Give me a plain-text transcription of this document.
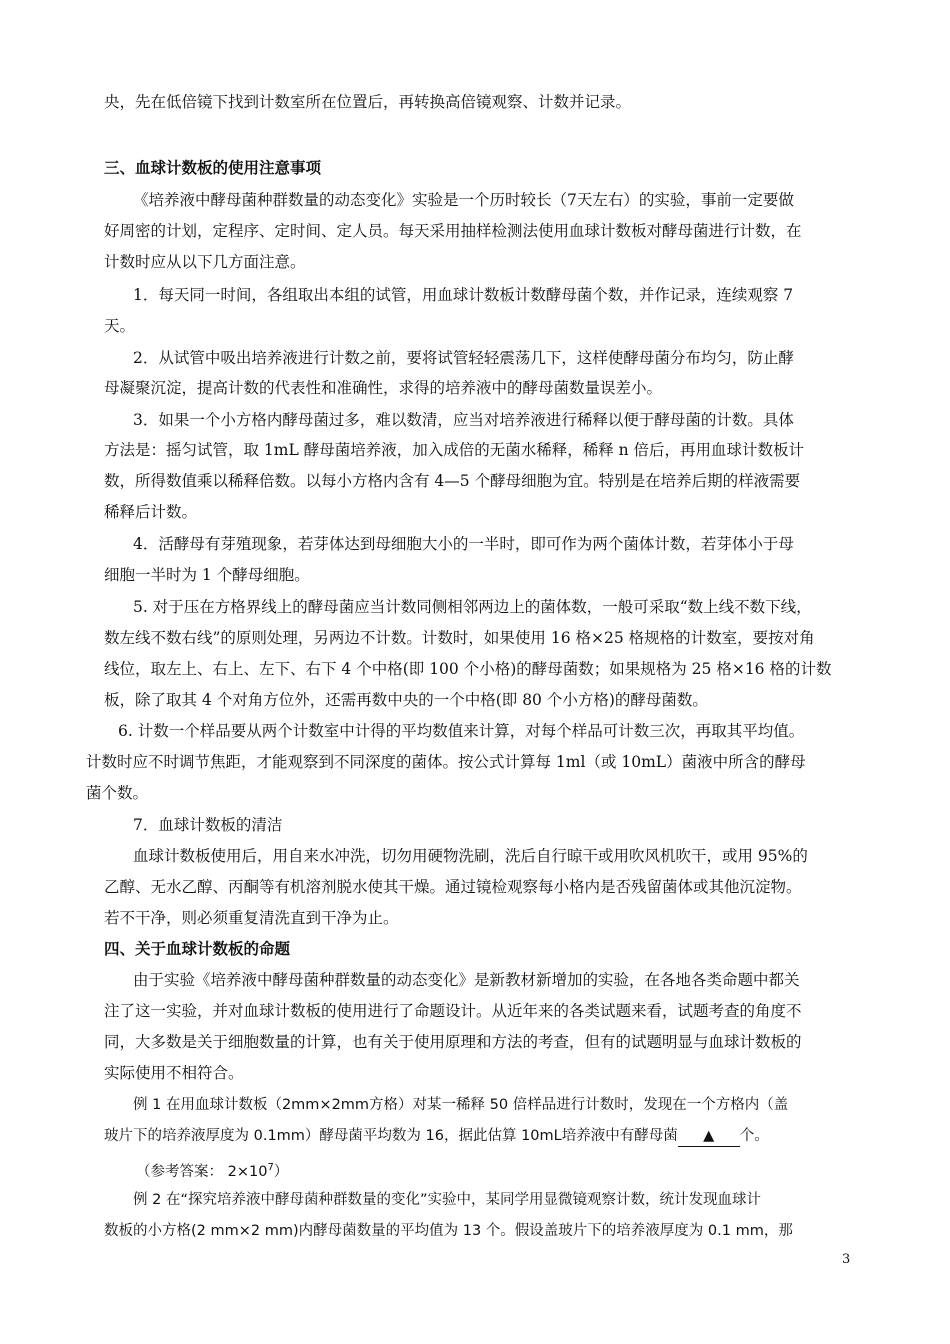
央，先在低倍镜下找到计数室所在位置后，再转换高倍镜观察、计数并记录。
三、血球计数板的使用注意事项
《培养液中酵母菌种群数量的动态变化》实验是一个历时较长（7天左右）的实验，事前一定要做
好周密的计划，定程序、定时间、定人员。每天采用抽样检测法使用血球计数板对酵母菌进行计数，在
计数时应从以下几方面注意。
1．每天同一时间，各组取出本组的试管，用血球计数板计数酵母菌个数，并作记录，连续观察 7
天。
2．从试管中吸出培养液进行计数之前，要将试管轻轻震荡几下，这样使酵母菌分布均匀，防止酵
母凝聚沉淀，提高计数的代表性和准确性，求得的培养液中的酵母菌数量误差小。
3．如果一个小方格内酵母菌过多，难以数清，应当对培养液进行稀释以便于酵母菌的计数。具体
方法是：摇匀试管，取 1mL 酵母菌培养液，加入成倍的无菌水稀释，稀释 n 倍后，再用血球计数板计
数，所得数值乘以稀释倍数。以每小方格内含有 4—5 个酵母细胞为宜。特别是在培养后期的样液需要
稀释后计数。
4．活酵母有芽殖现象，若芽体达到母细胞大小的一半时，即可作为两个菌体计数，若芽体小于母
细胞一半时为 1 个酵母细胞。
5. 对于压在方格界线上的酵母菌应当计数同侧相邻两边上的菌体数，一般可采取“数上线不数下线，
数左线不数右线”的原则处理，另两边不计数。计数时，如果使用 16 格×25 格规格的计数室，要按对角
线位，取左上、右上、左下、右下 4 个中格(即 100 个小格)的酵母菌数；如果规格为 25 格×16 格的计数
板，除了取其 4 个对角方位外，还需再数中央的一个中格(即 80 个小方格)的酵母菌数。
6. 计数一个样品要从两个计数室中计得的平均数值来计算，对每个样品可计数三次，再取其平均值。
计数时应不时调节焦距，才能观察到不同深度的菌体。按公式计算每 1ml（或 10mL）菌液中所含的酵母
菌个数。
7．血球计数板的清洁
血球计数板使用后，用自来水冲洗，切勿用硬物洗刷，洗后自行晾干或用吹风机吹干，或用 95%的
乙醇、无水乙醇、丙酮等有机溶剂脱水使其干燥。通过镜检观察每小格内是否残留菌体或其他沉淀物。
若不干净，则必须重复清洗直到干净为止。
四、关于血球计数板的命题
由于实验《培养液中酵母菌种群数量的动态变化》是新教材新增加的实验，在各地各类命题中都关
注了这一实验，并对血球计数板的使用进行了命题设计。从近年来的各类试题来看，试题考查的角度不
同，大多数是关于细胞数量的计算，也有关于使用原理和方法的考查，但有的试题明显与血球计数板的
实际使用不相符合。
例 1 在用血球计数板（2mm×2mm方格）对某一稀释 50 倍样品进行计数时，发现在一个方格内（盖
玻片下的培养液厚度为 0.1mm）酵母菌平均数为 16，据此估算 10mL培养液中有酵母菌 ▲ 个。
（参考答案： $2\times 10^7$）
例 2 在“探究培养液中酵母菌种群数量的变化”实验中，某同学用显微镜观察计数，统计发现血球计
数板的小方格(2 mm×2 mm)内酵母菌数量的平均值为 13 个。假设盖玻片下的培养液厚度为 0.1 mm，那
3
